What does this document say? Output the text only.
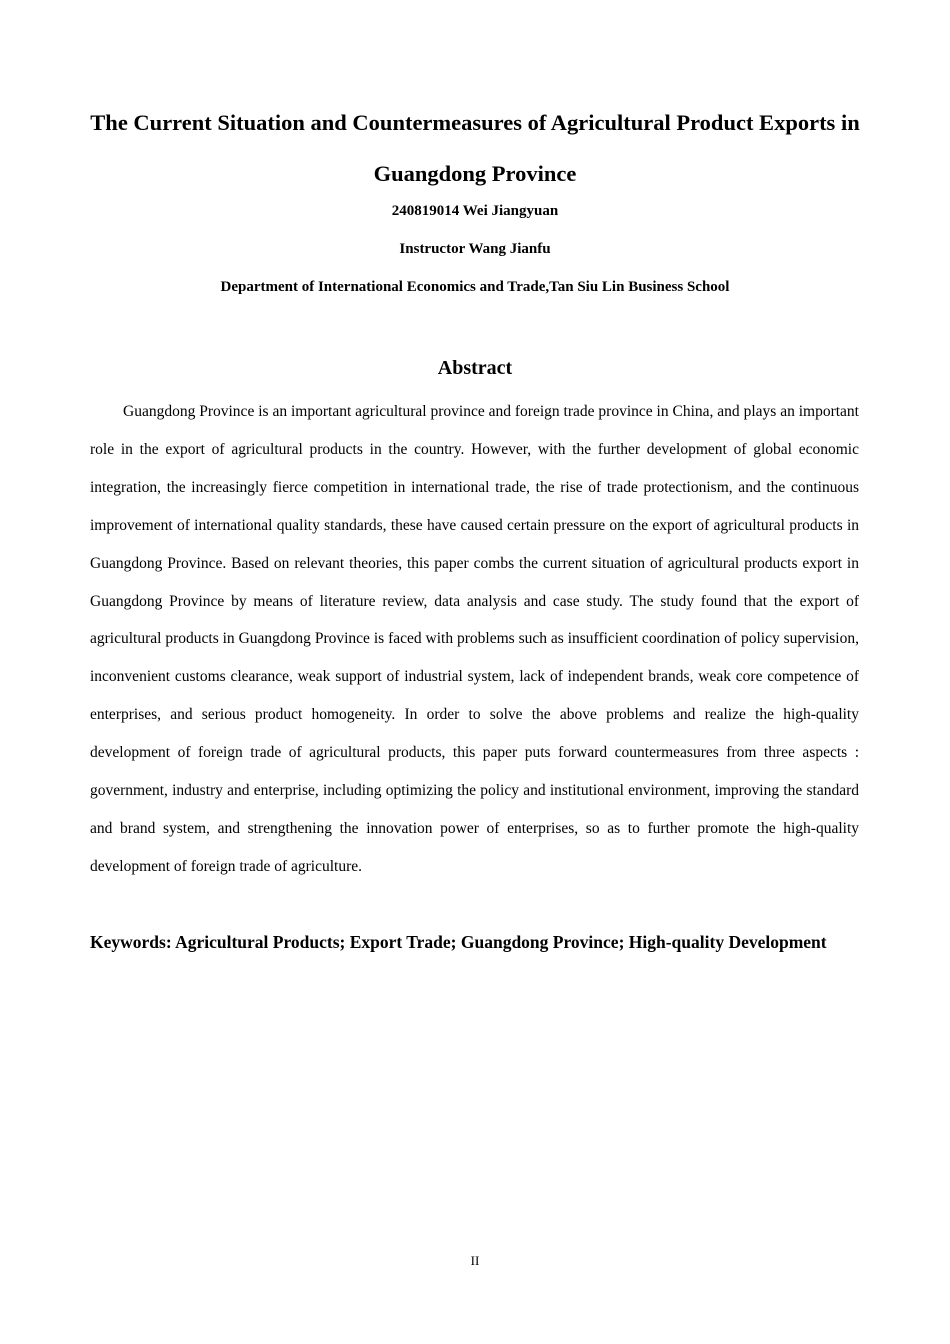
The Current Situation and Countermeasures of Agricultural Product Exports in Guangdong Province

240819014 Wei Jiangyuan

Instructor Wang Jianfu

Department of International Economics and Trade,Tan Siu Lin Business School

Abstract

Guangdong Province is an important agricultural province and foreign trade province in China, and plays an important role in the export of agricultural products in the country. However, with the further development of global economic integration, the increasingly fierce competition in international trade, the rise of trade protectionism, and the continuous improvement of international quality standards, these have caused certain pressure on the export of agricultural products in Guangdong Province. Based on relevant theories, this paper combs the current situation of agricultural products export in Guangdong Province by means of literature review, data analysis and case study. The study found that the export of agricultural products in Guangdong Province is faced with problems such as insufficient coordination of policy supervision, inconvenient customs clearance, weak support of industrial system, lack of independent brands, weak core competence of enterprises, and serious product homogeneity. In order to solve the above problems and realize the high-quality development of foreign trade of agricultural products, this paper puts forward countermeasures from three aspects : government, industry and enterprise, including optimizing the policy and institutional environment, improving the standard and brand system, and strengthening the innovation power of enterprises, so as to further promote the high-quality development of foreign trade of agriculture.

Keywords: Agricultural Products; Export Trade; Guangdong Province; High-quality Development

II
